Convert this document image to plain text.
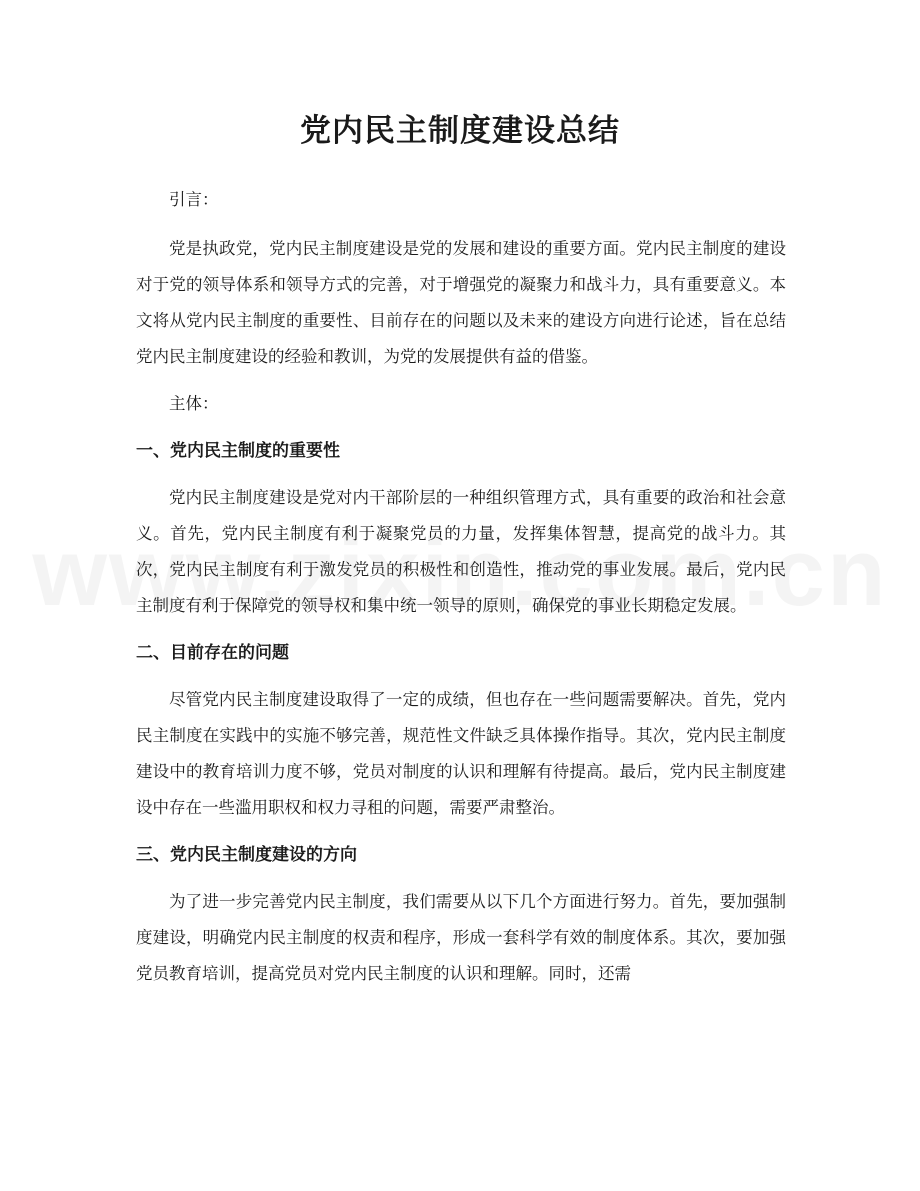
党内民主制度建设总结

引言：

党是执政党，党内民主制度建设是党的发展和建设的重要方面。党内民主制度的建设对于党的领导体系和领导方式的完善，对于增强党的凝聚力和战斗力，具有重要意义。本文将从党内民主制度的重要性、目前存在的问题以及未来的建设方向进行论述，旨在总结党内民主制度建设的经验和教训，为党的发展提供有益的借鉴。

主体：

一、党内民主制度的重要性

党内民主制度建设是党对内干部阶层的一种组织管理方式，具有重要的政治和社会意义。首先，党内民主制度有利于凝聚党员的力量，发挥集体智慧，提高党的战斗力。其次，党内民主制度有利于激发党员的积极性和创造性，推动党的事业发展。最后，党内民主制度有利于保障党的领导权和集中统一领导的原则，确保党的事业长期稳定发展。

二、目前存在的问题

尽管党内民主制度建设取得了一定的成绩，但也存在一些问题需要解决。首先，党内民主制度在实践中的实施不够完善，规范性文件缺乏具体操作指导。其次，党内民主制度建设中的教育培训力度不够，党员对制度的认识和理解有待提高。最后，党内民主制度建设中存在一些滥用职权和权力寻租的问题，需要严肃整治。

三、党内民主制度建设的方向

为了进一步完善党内民主制度，我们需要从以下几个方面进行努力。首先，要加强制度建设，明确党内民主制度的权责和程序，形成一套科学有效的制度体系。其次，要加强党员教育培训，提高党员对党内民主制度的认识和理解。同时，还需
